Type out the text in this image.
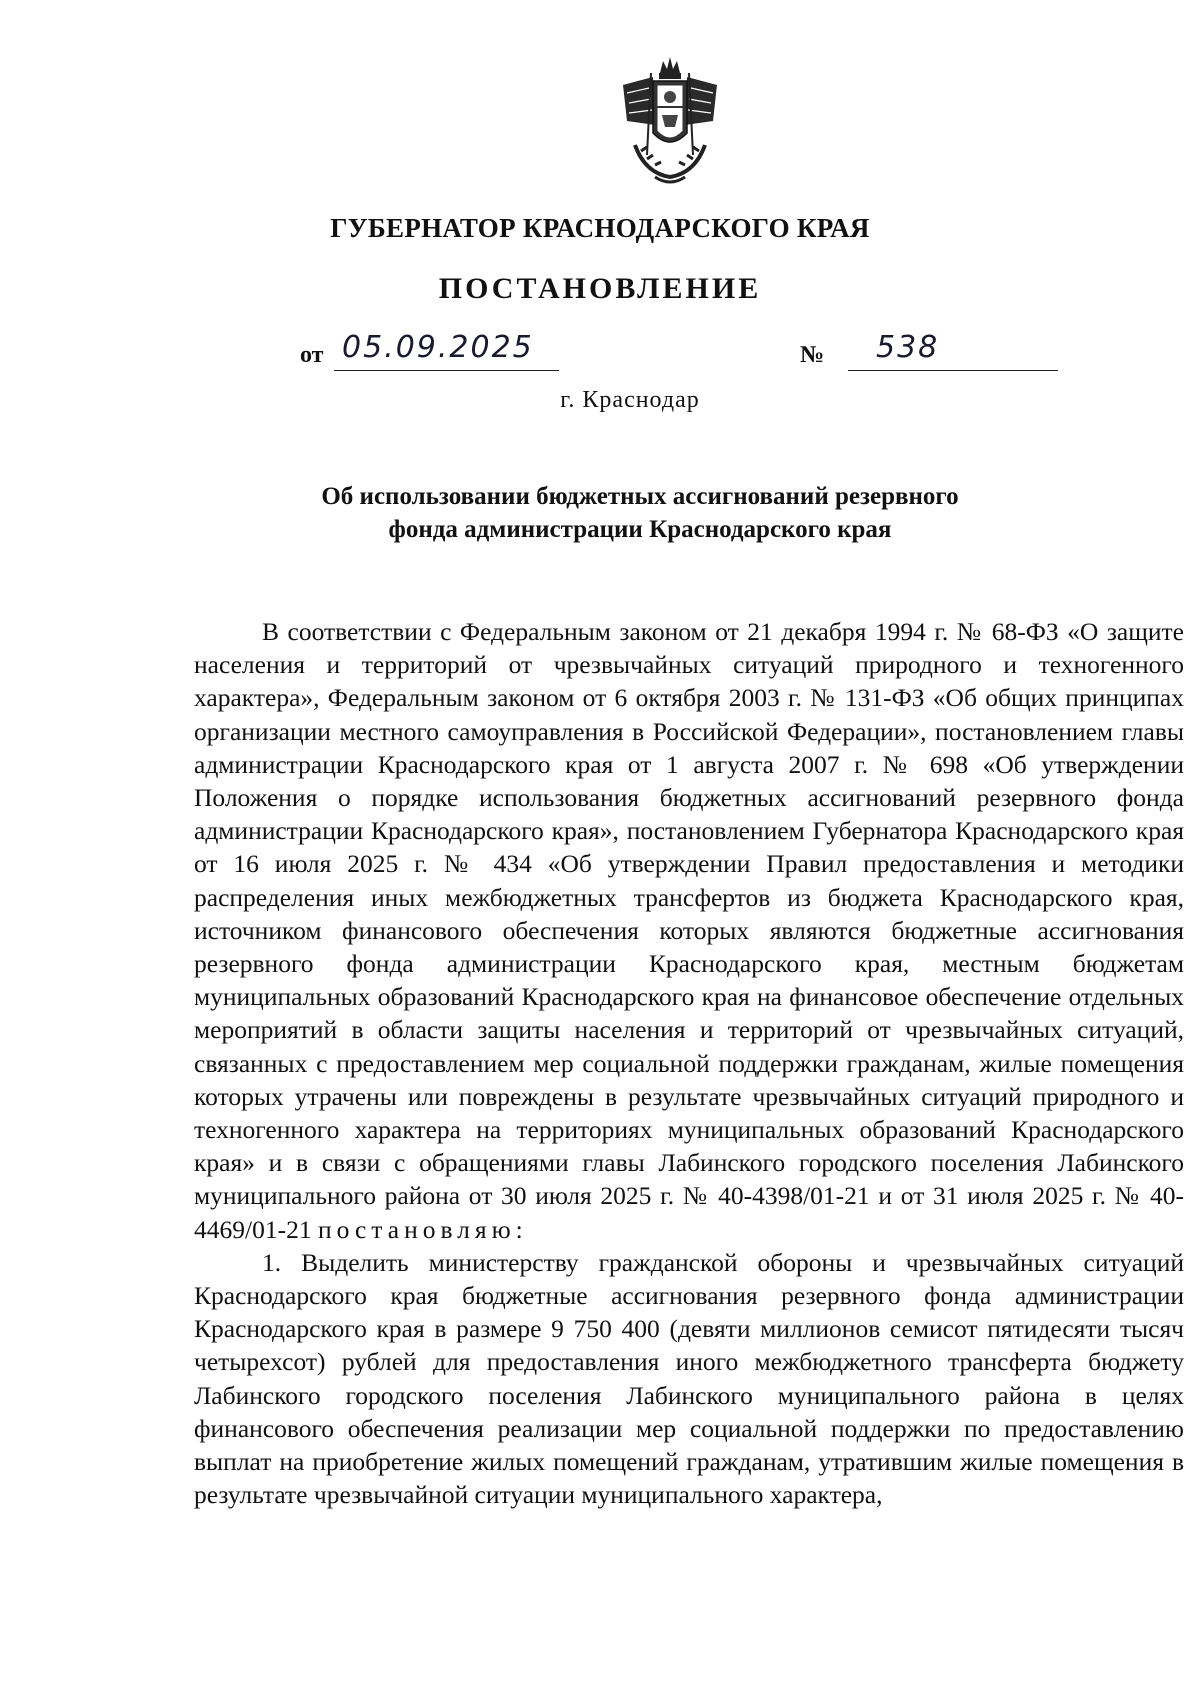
ГУБЕРНАТОР КРАСНОДАРСКОГО КРАЯ
ПОСТАНОВЛЕНИЕ
от 05.09.2025	№ 538
г. Краснодар
Об использовании бюджетных ассигнований резервного
фонда администрации Краснодарского края

В соответствии с Федеральным законом от 21 декабря 1994 г. № 68-ФЗ «О защите населения и территорий от чрезвычайных ситуаций природного и техногенного характера», Федеральным законом от 6 октября 2003 г. № 131-ФЗ «Об общих принципах организации местного самоуправления в Российской Федерации», постановлением главы администрации Краснодарского края от 1 августа 2007 г. № 698 «Об утверждении Положения о порядке использования бюджетных ассигнований резервного фонда администрации Краснодарского края», постановлением Губернатора Краснодарского края от 16 июля 2025 г. № 434 «Об утверждении Правил предоставления и методики распределения иных межбюджетных трансфертов из бюджета Краснодарского края, источником финансового обеспечения которых являются бюджетные ассигнования резервного фонда администрации Краснодарского края, местным бюджетам муниципальных образований Краснодарского края на финансовое обеспечение отдельных мероприятий в области защиты населения и территорий от чрезвычайных ситуаций, связанных с предоставлением мер социальной поддержки гражданам, жилые помещения которых утрачены или повреждены в результате чрезвычайных ситуаций природного и техногенного характера на территориях муниципальных образований Краснодарского края» и в связи с обращениями главы Лабинского городского поселения Лабинского муниципального района от 30 июля 2025 г. № 40-4398/01-21 и от 31 июля 2025 г. № 40-4469/01-21 постановляю:

1. Выделить министерству гражданской обороны и чрезвычайных ситуаций Краснодарского края бюджетные ассигнования резервного фонда администрации Краснодарского края в размере 9 750 400 (девяти миллионов семисот пятидесяти тысяч четырехсот) рублей для предоставления иного межбюджетного трансферта бюджету Лабинского городского поселения Лабинского муниципального района в целях финансового обеспечения реализации мер социальной поддержки по предоставлению выплат на приобретение жилых помещений гражданам, утратившим жилые помещения в результате чрезвычайной ситуации муниципального характера,
